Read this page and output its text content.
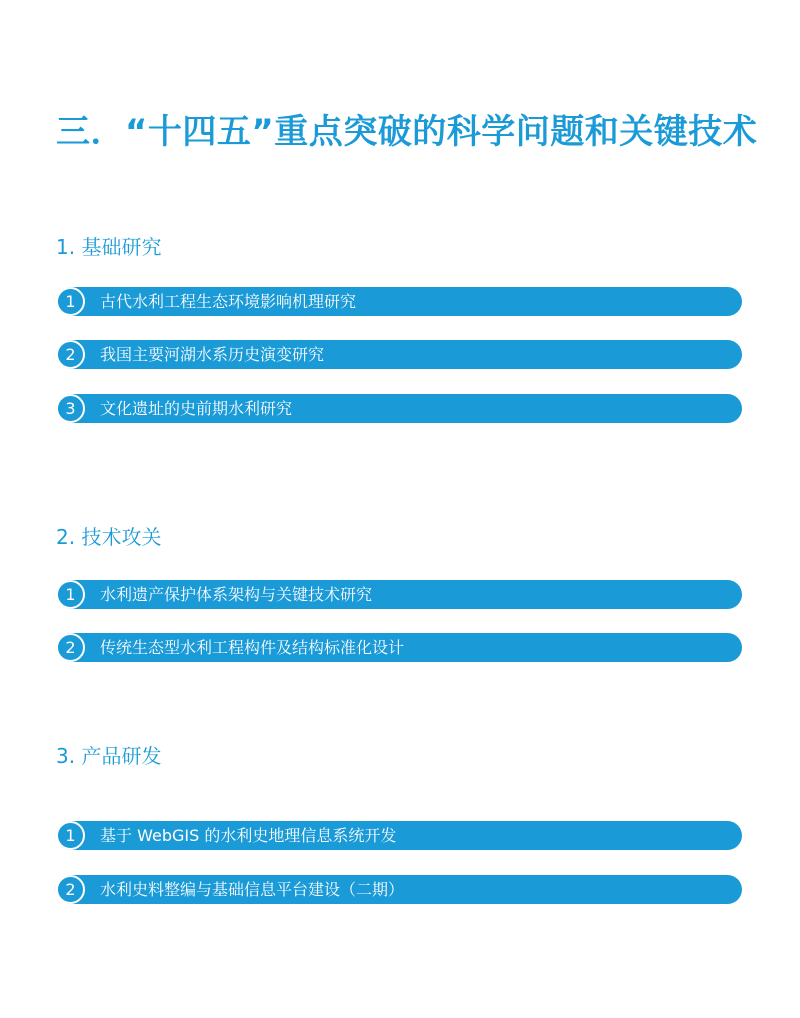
三．“十四五”重点突破的科学问题和关键技术
1. 基础研究
1	古代水利工程生态环境影响机理研究
2	我国主要河湖水系历史演变研究
3	文化遗址的史前期水利研究
2. 技术攻关
1	水利遗产保护体系架构与关键技术研究
2	传统生态型水利工程构件及结构标准化设计
3. 产品研发
1	基于 WebGIS 的水利史地理信息系统开发
2	水利史料整编与基础信息平台建设（二期）
